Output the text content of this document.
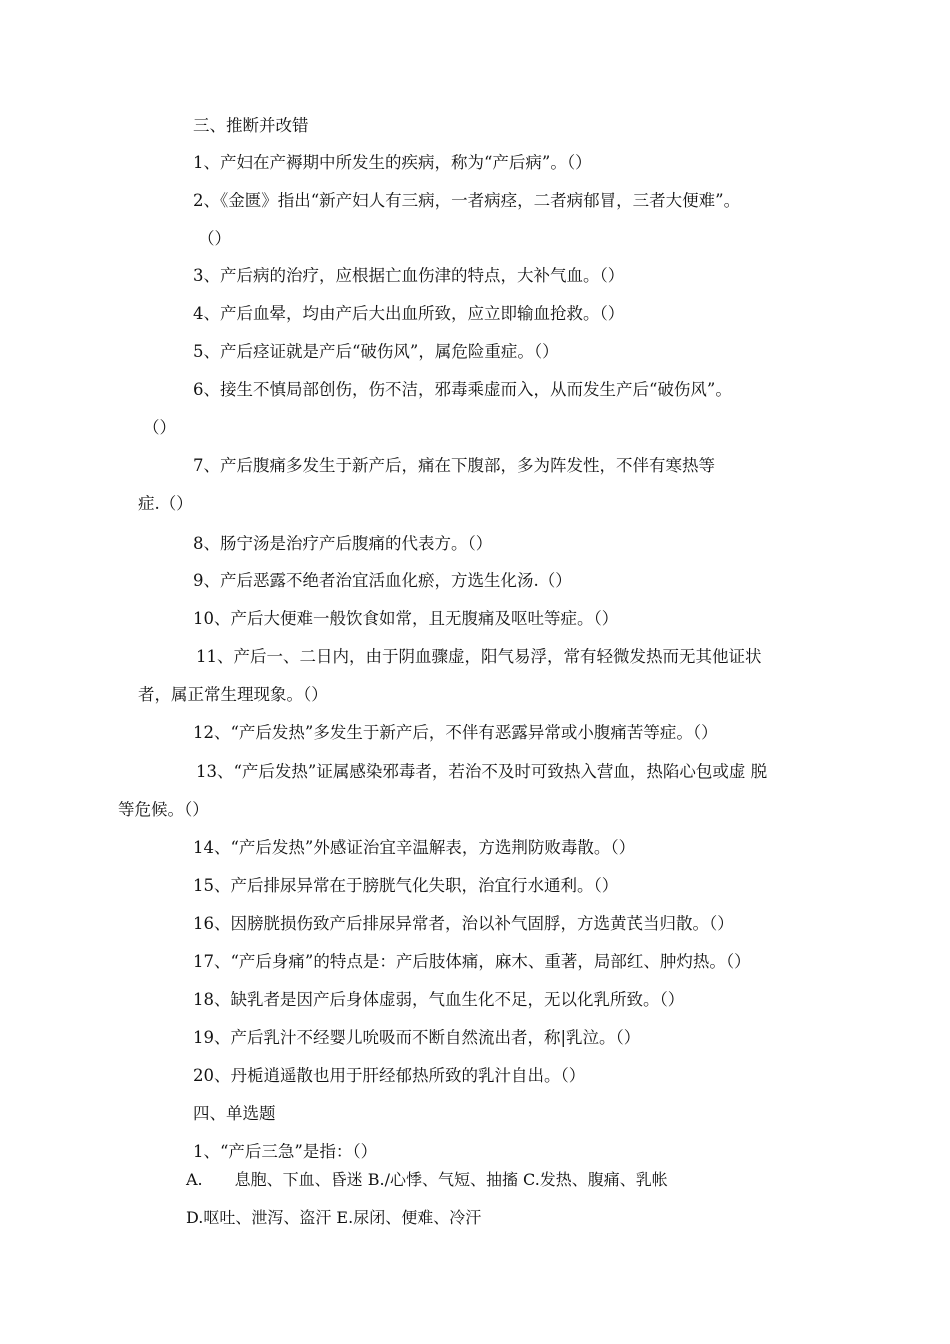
三、推断并改错
1、产妇在产褥期中所发生的疾病，称为“产后病”。（）
2、《金匮》指出“新产妇人有三病，一者病痉，二者病郁冒，三者大便难”。
（）
3、产后病的治疗，应根据亡血伤津的特点，大补气血。（）
4、产后血晕，均由产后大出血所致，应立即输血抢救。（）
5、产后痉证就是产后“破伤风”，属危险重症。（）
6、接生不慎局部创伤，伤不洁，邪毒乘虚而入，从而发生产后“破伤风”。
（）
7、产后腹痛多发生于新产后，痛在下腹部，多为阵发性，不伴有寒热等
症.（）
8、肠宁汤是治疗产后腹痛的代表方。（）
9、产后恶露不绝者治宜活血化瘀，方选生化汤.（）
10、产后大便难一般饮食如常，且无腹痛及呕吐等症。（）
11、产后一、二日内，由于阴血骤虚，阳气易浮，常有轻微发热而无其他证状
者，属正常生理现象。（）
12、“产后发热”多发生于新产后，不伴有恶露异常或小腹痛苦等症。（）
13、“产后发热”证属感染邪毒者，若治不及时可致热入营血，热陷心包或虚 脱
等危候。（）
14、“产后发热”外感证治宜辛温解表，方选荆防败毒散。（）
15、产后排尿异常在于膀胱气化失职，治宜行水通利。（）
16、因膀胱损伤致产后排尿异常者，治以补气固脬，方选黄芪当归散。（）
17、“产后身痛”的特点是：产后肢体痛，麻木、重著，局部红、肿灼热。（）
18、缺乳者是因产后身体虚弱，气血生化不足，无以化乳所致。（）
19、产后乳汁不经婴儿吮吸而不断自然流出者，称|乳泣。（）
20、丹栀逍遥散也用于肝经郁热所致的乳汁自出。（）
四、单选题
1、“产后三急”是指：（）
A.　　息胞、下血、昏迷 B./心悸、气短、抽搐 C.发热、腹痛、乳帐
D.呕吐、泄泻、盗汗 E.尿闭、便难、冷汗
